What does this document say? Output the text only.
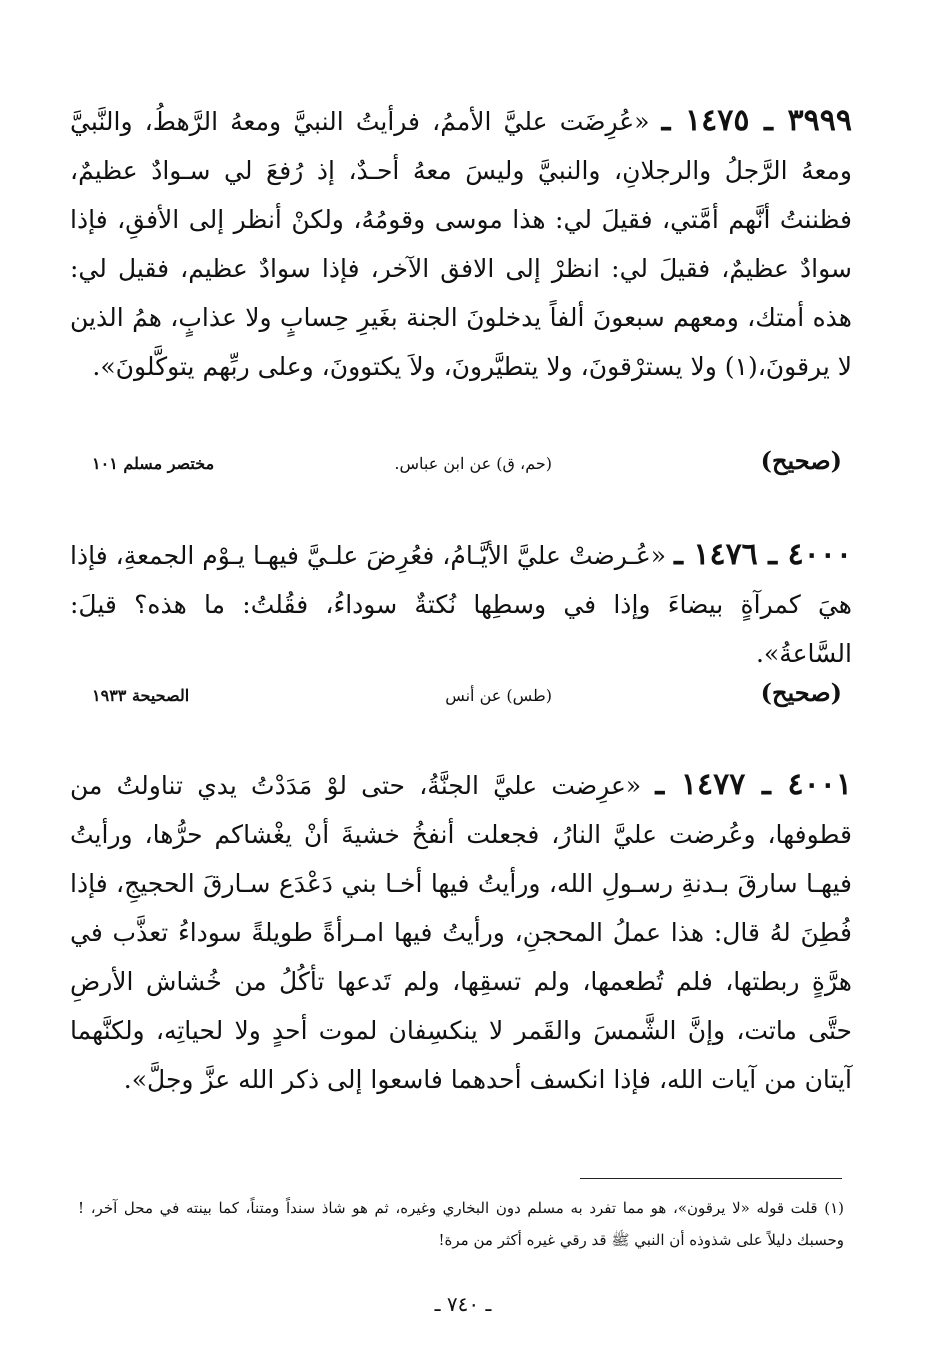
٣٩٩٩ ـ ١٤٧٥ ـ «عُرِضَت عليَّ الأممُ، فرأيتُ النبيَّ ومعهُ الرَّهطُ، والنَّبيَّ ومعهُ الرَّجلُ والرجلانِ، والنبيَّ وليسَ معهُ أحـدٌ، إذ رُفعَ لي سـوادٌ عظيمٌ، فظننتُ أنَّهم أمَّتي، فقيلَ لي: هذا موسى وقومُهُ، ولكنْ أنظر إلى الأفقِ، فإذا سوادٌ عظيمٌ، فقيلَ لي: انظرْ إلى الافق الآخر، فإذا سوادٌ عظيم، فقيل لي: هذه أمتك، ومعهم سبعونَ ألفاً يدخلونَ الجنة بغَيرِ حِسابٍ ولا عذابٍ، همُ الذين لا يرقونَ،(١) ولا يسترْقونَ، ولا يتطيَّرونَ، ولاَ يكتوونَ، وعلى ربِّهم يتوكَّلونَ».

(صحيح)
(حم، ق) عن ابن عباس.
مختصر مسلم ١٠١

٤٠٠٠ ـ ١٤٧٦ ـ «عُـرضتْ عليَّ الأيَّـامُ، فعُرِضَ علـيَّ فيهـا يـوْم الجمعةِ، فإذا هيَ كمرآةٍ بيضاءَ وإذا في وسطِها نُكتةٌ سوداءُ، فقُلتُ: ما هذه؟ قيلَ: السَّاعةُ».

(صحيح)
(طس) عن أنس
الصحيحة ١٩٣٣

٤٠٠١ ـ ١٤٧٧ ـ «عرِضت عليَّ الجنَّةُ، حتى لوْ مَدَدْتُ يدي تناولتُ من قطوفها، وعُرضت عليَّ النارُ، فجعلت أنفخُ خشيةَ أنْ يغْشاكم حرُّها، ورأيتُ فيهـا سارقَ بـدنةِ رسـولِ الله، ورأيتُ فيها أخـا بني دَعْدَع سـارقَ الحجيجِ، فإذا فُطِنَ لهُ قال: هذا عملُ المحجنِ، ورأيتُ فيها امـرأةً طويلةً سوداءُ تعذَّب في هرَّةٍ ربطتها، فلم تُطعمها، ولم تسقِها، ولم تَدعها تأكُلُ من خُشاش الأرضِ حتَّى ماتت، وإنَّ الشَّمسَ والقَمر لا ينكسِفان لموت أحدٍ ولا لحياتِه، ولكنَّهما آيتان من آيات الله، فإذا انكسف أحدهما فاسعوا إلى ذكر الله عزَّ وجلَّ».

(١) قلت قوله «لا يرقون»، هو مما تفرد به مسلم دون البخاري وغيره، ثم هو شاذ سنداً ومتناً، كما بينته في محل آخر، ! وحسبك دليلاً على شذوذه أن النبي ﷺ قد رقي غيره أكثر من مرة!
ـ ٧٤٠ ـ
